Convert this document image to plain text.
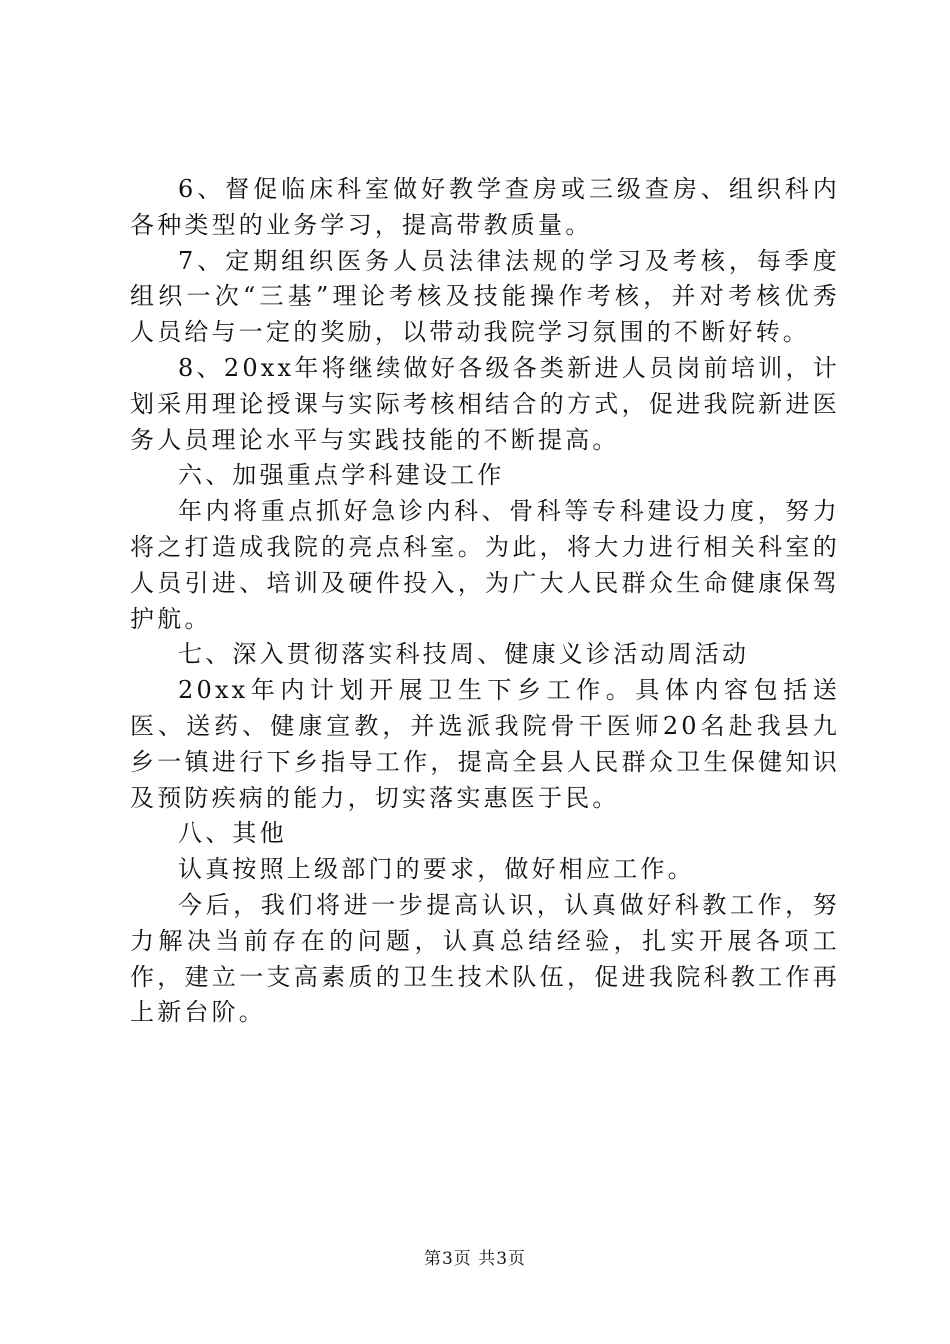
6、督促临床科室做好教学查房或三级查房、组织科内各种类型的业务学习，提高带教质量。

7、定期组织医务人员法律法规的学习及考核，每季度组织一次“三基”理论考核及技能操作考核，并对考核优秀人员给与一定的奖励，以带动我院学习氛围的不断好转。

8、20xx年将继续做好各级各类新进人员岗前培训，计划采用理论授课与实际考核相结合的方式，促进我院新进医务人员理论水平与实践技能的不断提高。

六、加强重点学科建设工作

年内将重点抓好急诊内科、骨科等专科建设力度，努力将之打造成我院的亮点科室。为此，将大力进行相关科室的人员引进、培训及硬件投入，为广大人民群众生命健康保驾护航。

七、深入贯彻落实科技周、健康义诊活动周活动

20xx年内计划开展卫生下乡工作。具体内容包括送医、送药、健康宣教，并选派我院骨干医师20名赴我县九乡一镇进行下乡指导工作，提高全县人民群众卫生保健知识及预防疾病的能力，切实落实惠医于民。

八、其他

认真按照上级部门的要求，做好相应工作。

今后，我们将进一步提高认识，认真做好科教工作，努力解决当前存在的问题，认真总结经验，扎实开展各项工作，建立一支高素质的卫生技术队伍，促进我院科教工作再上新台阶。

第3页 共3页
